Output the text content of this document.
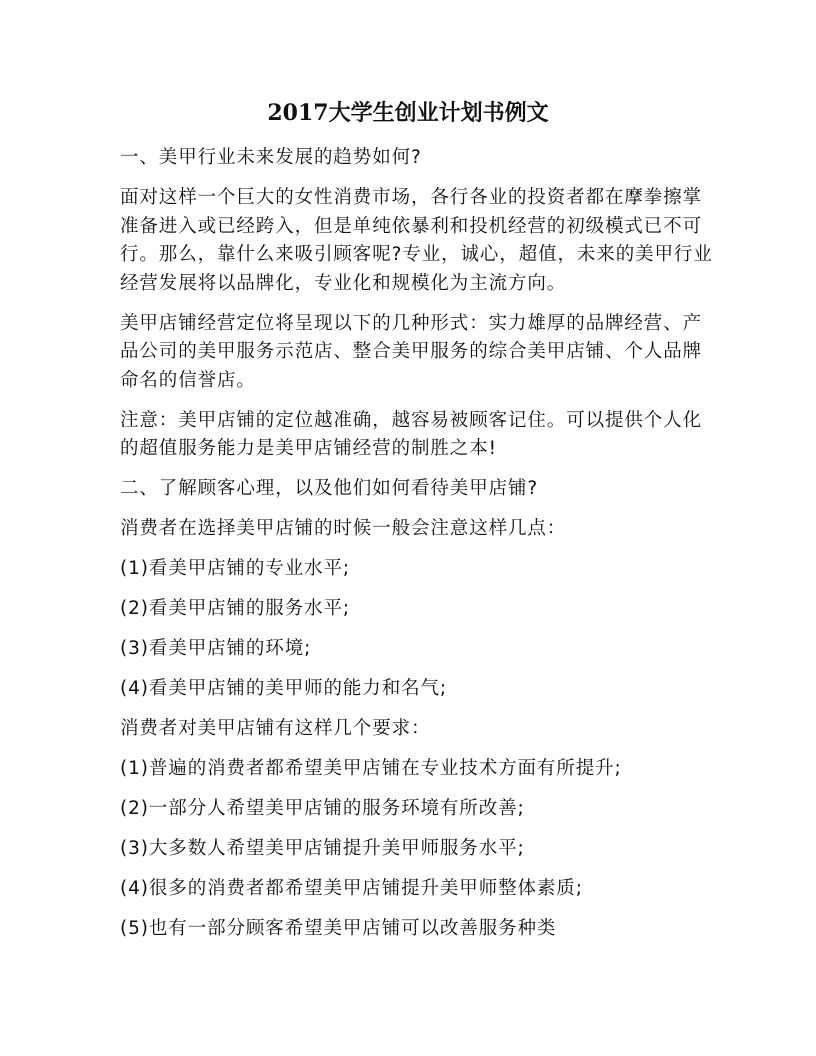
2017大学生创业计划书例文

一、美甲行业未来发展的趋势如何?

面对这样一个巨大的女性消费市场，各行各业的投资者都在摩拳擦掌
准备进入或已经跨入，但是单纯依暴利和投机经营的初级模式已不可
行。那么，靠什么来吸引顾客呢?专业，诚心，超值，未来的美甲行业
经营发展将以品牌化，专业化和规模化为主流方向。

美甲店铺经营定位将呈现以下的几种形式：实力雄厚的品牌经营、产
品公司的美甲服务示范店、整合美甲服务的综合美甲店铺、个人品牌
命名的信誉店。

注意：美甲店铺的定位越准确，越容易被顾客记住。可以提供个人化
的超值服务能力是美甲店铺经营的制胜之本!

二、了解顾客心理，以及他们如何看待美甲店铺?

消费者在选择美甲店铺的时候一般会注意这样几点：

(1)看美甲店铺的专业水平;

(2)看美甲店铺的服务水平;

(3)看美甲店铺的环境;

(4)看美甲店铺的美甲师的能力和名气;

消费者对美甲店铺有这样几个要求：

(1)普遍的消费者都希望美甲店铺在专业技术方面有所提升;

(2)一部分人希望美甲店铺的服务环境有所改善;

(3)大多数人希望美甲店铺提升美甲师服务水平;

(4)很多的消费者都希望美甲店铺提升美甲师整体素质;

(5)也有一部分顾客希望美甲店铺可以改善服务种类
